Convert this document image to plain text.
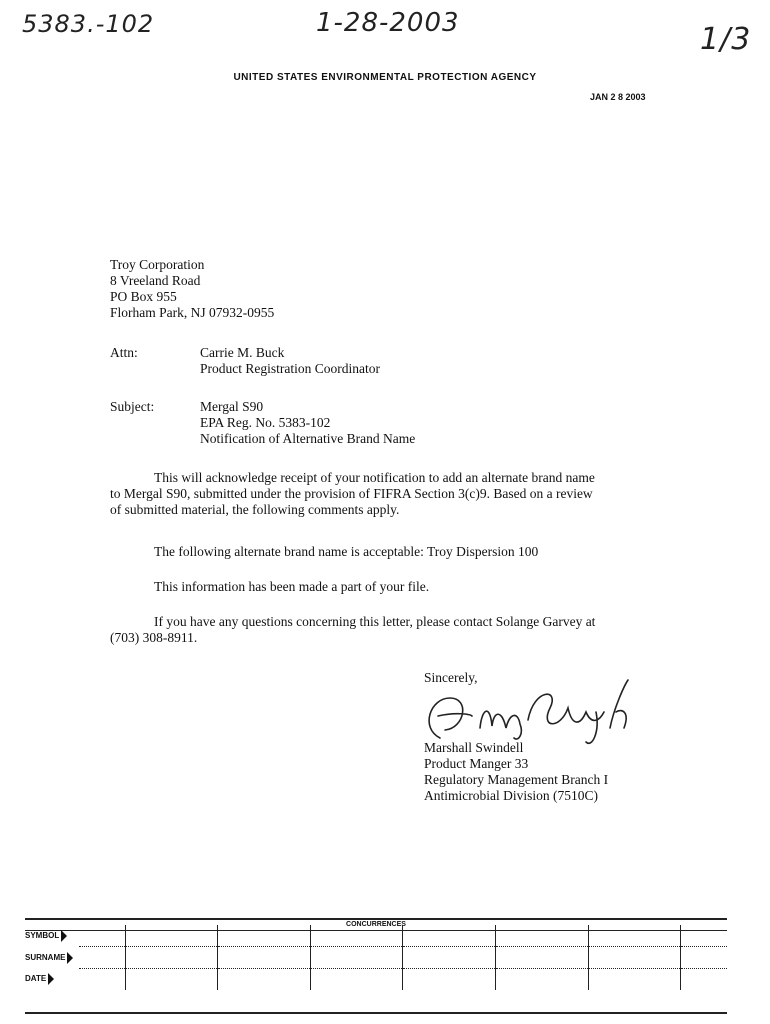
5383.-102	1-28-2003	1/3
UNITED STATES ENVIRONMENTAL PROTECTION AGENCY
JAN 2 8 2003
Troy Corporation
8 Vreeland Road
PO Box 955
Florham Park, NJ 07932-0955
Attn:	Carrie M. Buck
Product Registration Coordinator
Subject:	Mergal S90
EPA Reg. No. 5383-102
Notification of Alternative Brand Name
This will acknowledge receipt of your notification to add an alternate brand name
to Mergal S90, submitted under the provision of FIFRA Section 3(c)9. Based on a review
of submitted material, the following comments apply.
The following alternate brand name is acceptable: Troy Dispersion 100
This information has been made a part of your file.
If you have any questions concerning this letter, please contact Solange Garvey at
(703) 308-8911.
Sincerely,
Marshall Swindell
Product Manger 33
Regulatory Management Branch I
Antimicrobial Division (7510C)
CONCURRENCES
SYMBOL								
SURNAME								
DATE								
